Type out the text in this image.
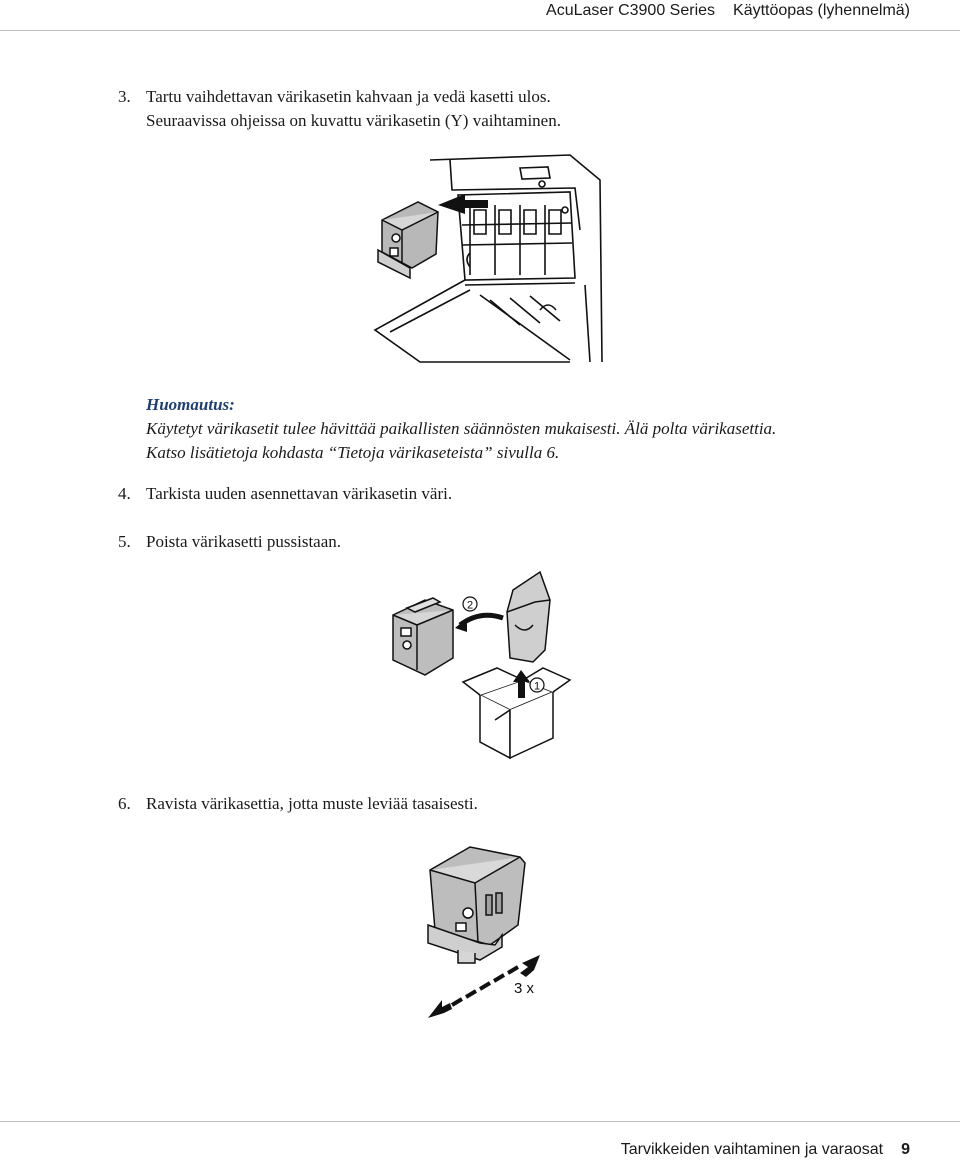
AcuLaser C3900 Series Käyttöopas (lyhennelmä)
3. Tartu vaihdettavan värikasetin kahvaan ja vedä kasetti ulos.
Seuraavissa ohjeissa on kuvattu värikasetin (Y) vaihtaminen.
Huomautus:
Käytetyt värikasetit tulee hävittää paikallisten säännösten mukaisesti. Älä polta värikasettia.
Katso lisätietoja kohdasta “Tietoja värikaseteista” sivulla 6.
4. Tarkista uuden asennettavan värikasetin väri.
5. Poista värikasetti pussistaan.
2
1
6. Ravista värikasettia, jotta muste leviää tasaisesti.
3 x
Tarvikkeiden vaihtaminen ja varaosat 9
